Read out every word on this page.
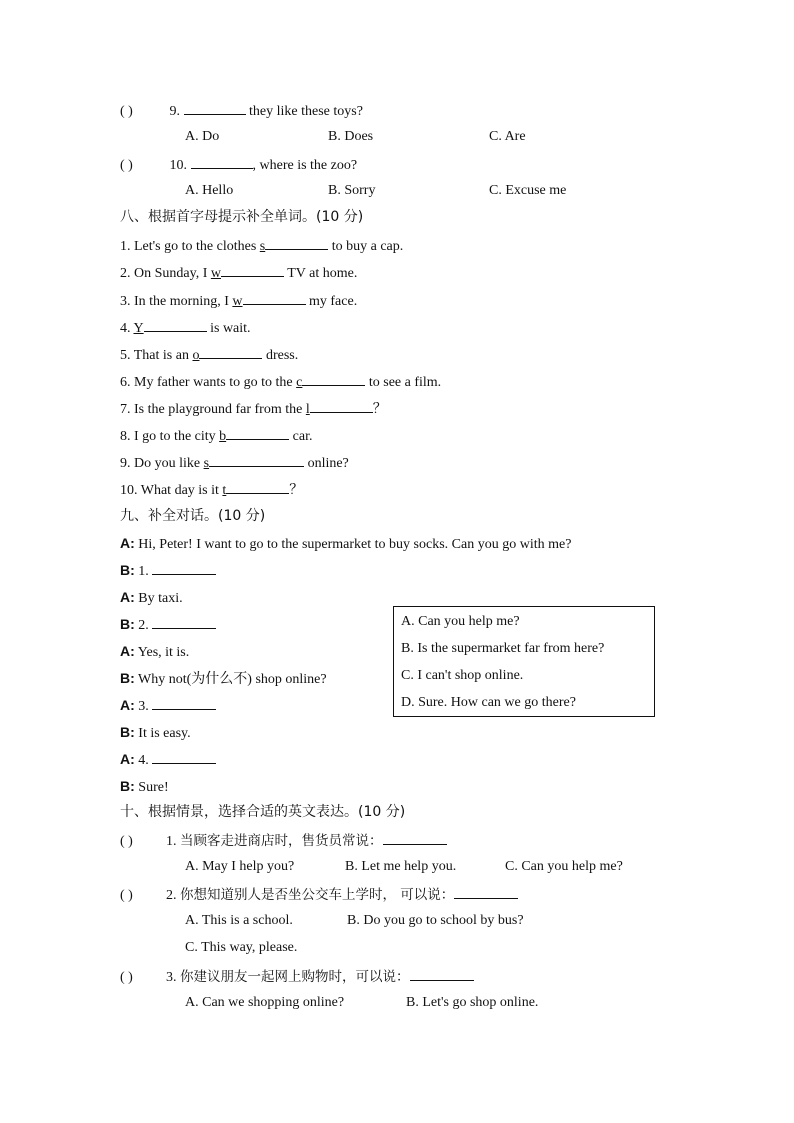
( )	9.	they like these toys?
A. Do	B. Does	C. Are
( )	10.	, where is the zoo?
A. Hello	B. Sorry	C. Excuse me
八、根据首字母提示补全单词。(10 分)
1. Let's go to the clothes s	to buy a cap.
2. On Sunday, I w	TV at home.
3. In the morning, I w	my face.
4. Y	is wait.
5. That is an o	dress.
6. My father wants to go to the c	to see a film.
7. Is the playground far from the l	？
8. I go to the city b	car.
9. Do you like s	online?
10. What day is it t	？
九、补全对话。(10 分)
A: Hi, Peter! I want to go to the supermarket to buy socks. Can you go with me?
B: 1.
A: By taxi.
B: 2.
A: Yes, it is.
B: Why not(为什么不) shop online?
A: 3.
B: It is easy.
A: 4.
B: Sure!
A. Can you help me?
B. Is the supermarket far from here?
C. I can't shop online.
D. Sure. How can we go there?
十、根据情景，选择合适的英文表达。(10 分)
( ) 1. 当顾客走进商店时，售货员常说：
A. May I help you?	B. Let me help you.	C. Can you help me?
( ) 2. 你想知道别人是否坐公交车上学时， 可以说：
A. This is a school.	B. Do you go to school by bus?
C. This way, please.
( ) 3. 你建议朋友一起网上购物时，可以说：
A. Can we shopping online?	B. Let's go shop online.
